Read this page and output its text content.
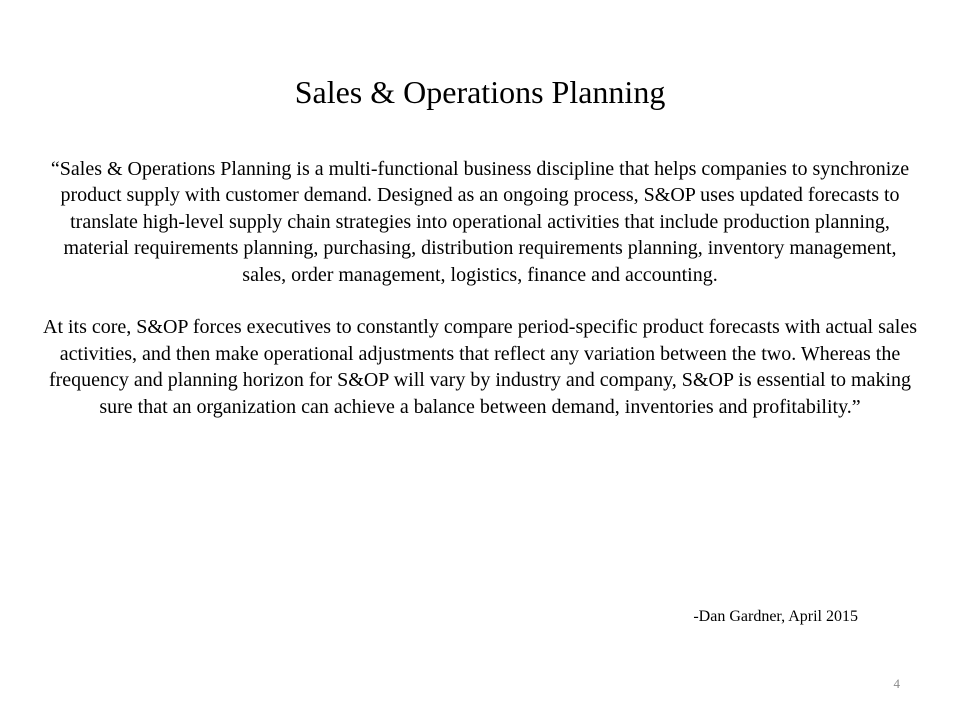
Sales & Operations Planning

“Sales & Operations Planning is a multi-functional business discipline that helps companies to synchronize product supply with customer demand. Designed as an ongoing process, S&OP uses updated forecasts to translate high-level supply chain strategies into operational activities that include production planning, material requirements planning, purchasing, distribution requirements planning, inventory management, sales, order management, logistics, finance and accounting.

At its core, S&OP forces executives to constantly compare period-specific product forecasts with actual sales activities, and then make operational adjustments that reflect any variation between the two. Whereas the frequency and planning horizon for S&OP will vary by industry and company, S&OP is essential to making sure that an organization can achieve a balance between demand, inventories and profitability.”

-Dan Gardner, April 2015

4
